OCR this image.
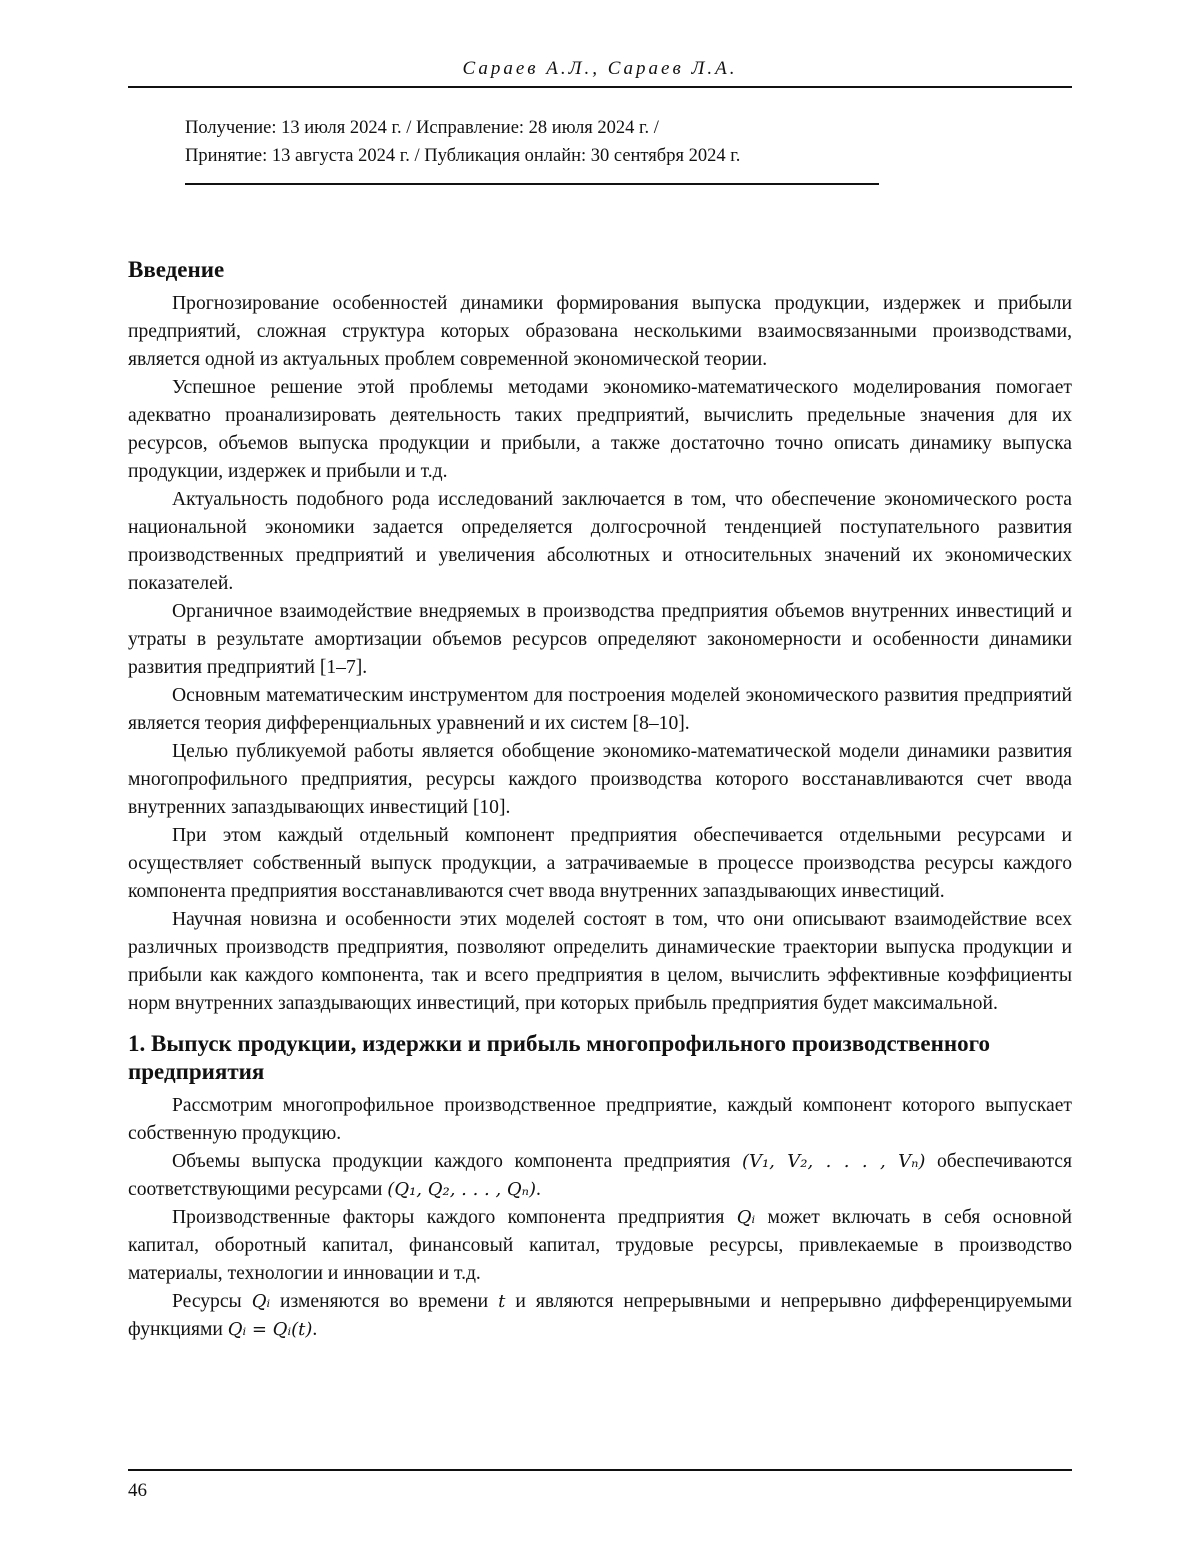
Сараев А.Л., Сараев Л.А.
Получение: 13 июля 2024 г. / Исправление: 28 июля 2024 г. /
Принятие: 13 августа 2024 г. / Публикация онлайн: 30 сентября 2024 г.
Введение

Прогнозирование особенностей динамики формирования выпуска продукции, издержек и прибыли предприятий, сложная структура которых образована несколькими взаимосвязанными производствами, является одной из актуальных проблем современной экономической теории.

Успешное решение этой проблемы методами экономико-математического моделирования помогает адекватно проанализировать деятельность таких предприятий, вычислить предельные значения для их ресурсов, объемов выпуска продукции и прибыли, а также достаточно точно описать динамику выпуска продукции, издержек и прибыли и т.д.

Актуальность подобного рода исследований заключается в том, что обеспечение экономического роста национальной экономики задается определяется долгосрочной тенденцией поступательного развития производственных предприятий и увеличения абсолютных и относительных значений их экономических показателей.

Органичное взаимодействие внедряемых в производства предприятия объемов внутренних инвестиций и утраты в результате амортизации объемов ресурсов определяют закономерности и особенности динамики развития предприятий [1–7].

Основным математическим инструментом для построения моделей экономического развития предприятий является теория дифференциальных уравнений и их систем [8–10].

Целью публикуемой работы является обобщение экономико-математической модели динамики развития многопрофильного предприятия, ресурсы каждого производства которого восстанавливаются счет ввода внутренних запаздывающих инвестиций [10].

При этом каждый отдельный компонент предприятия обеспечивается отдельными ресурсами и осуществляет собственный выпуск продукции, а затрачиваемые в процессе производства ресурсы каждого компонента предприятия восстанавливаются счет ввода внутренних запаздывающих инвестиций.

Научная новизна и особенности этих моделей состоят в том, что они описывают взаимодействие всех различных производств предприятия, позволяют определить динамические траектории выпуска продукции и прибыли как каждого компонента, так и всего предприятия в целом, вычислить эффективные коэффициенты норм внутренних запаздывающих инвестиций, при которых прибыль предприятия будет максимальной.

1. Выпуск продукции, издержки и прибыль многопрофильного производственного предприятия

Рассмотрим многопрофильное производственное предприятие, каждый компонент которого выпускает собственную продукцию.

Объемы выпуска продукции каждого компонента предприятия (V₁, V₂, . . . , Vₙ) обеспечиваются соответствующими ресурсами (Q₁, Q₂, . . . , Qₙ).

Производственные факторы каждого компонента предприятия Qᵢ может включать в себя основной капитал, оборотный капитал, финансовый капитал, трудовые ресурсы, привлекаемые в производство материалы, технологии и инновации и т.д.

Ресурсы Qᵢ изменяются во времени t и являются непрерывными и непрерывно дифференцируемыми функциями Qᵢ = Qᵢ(t).

46
